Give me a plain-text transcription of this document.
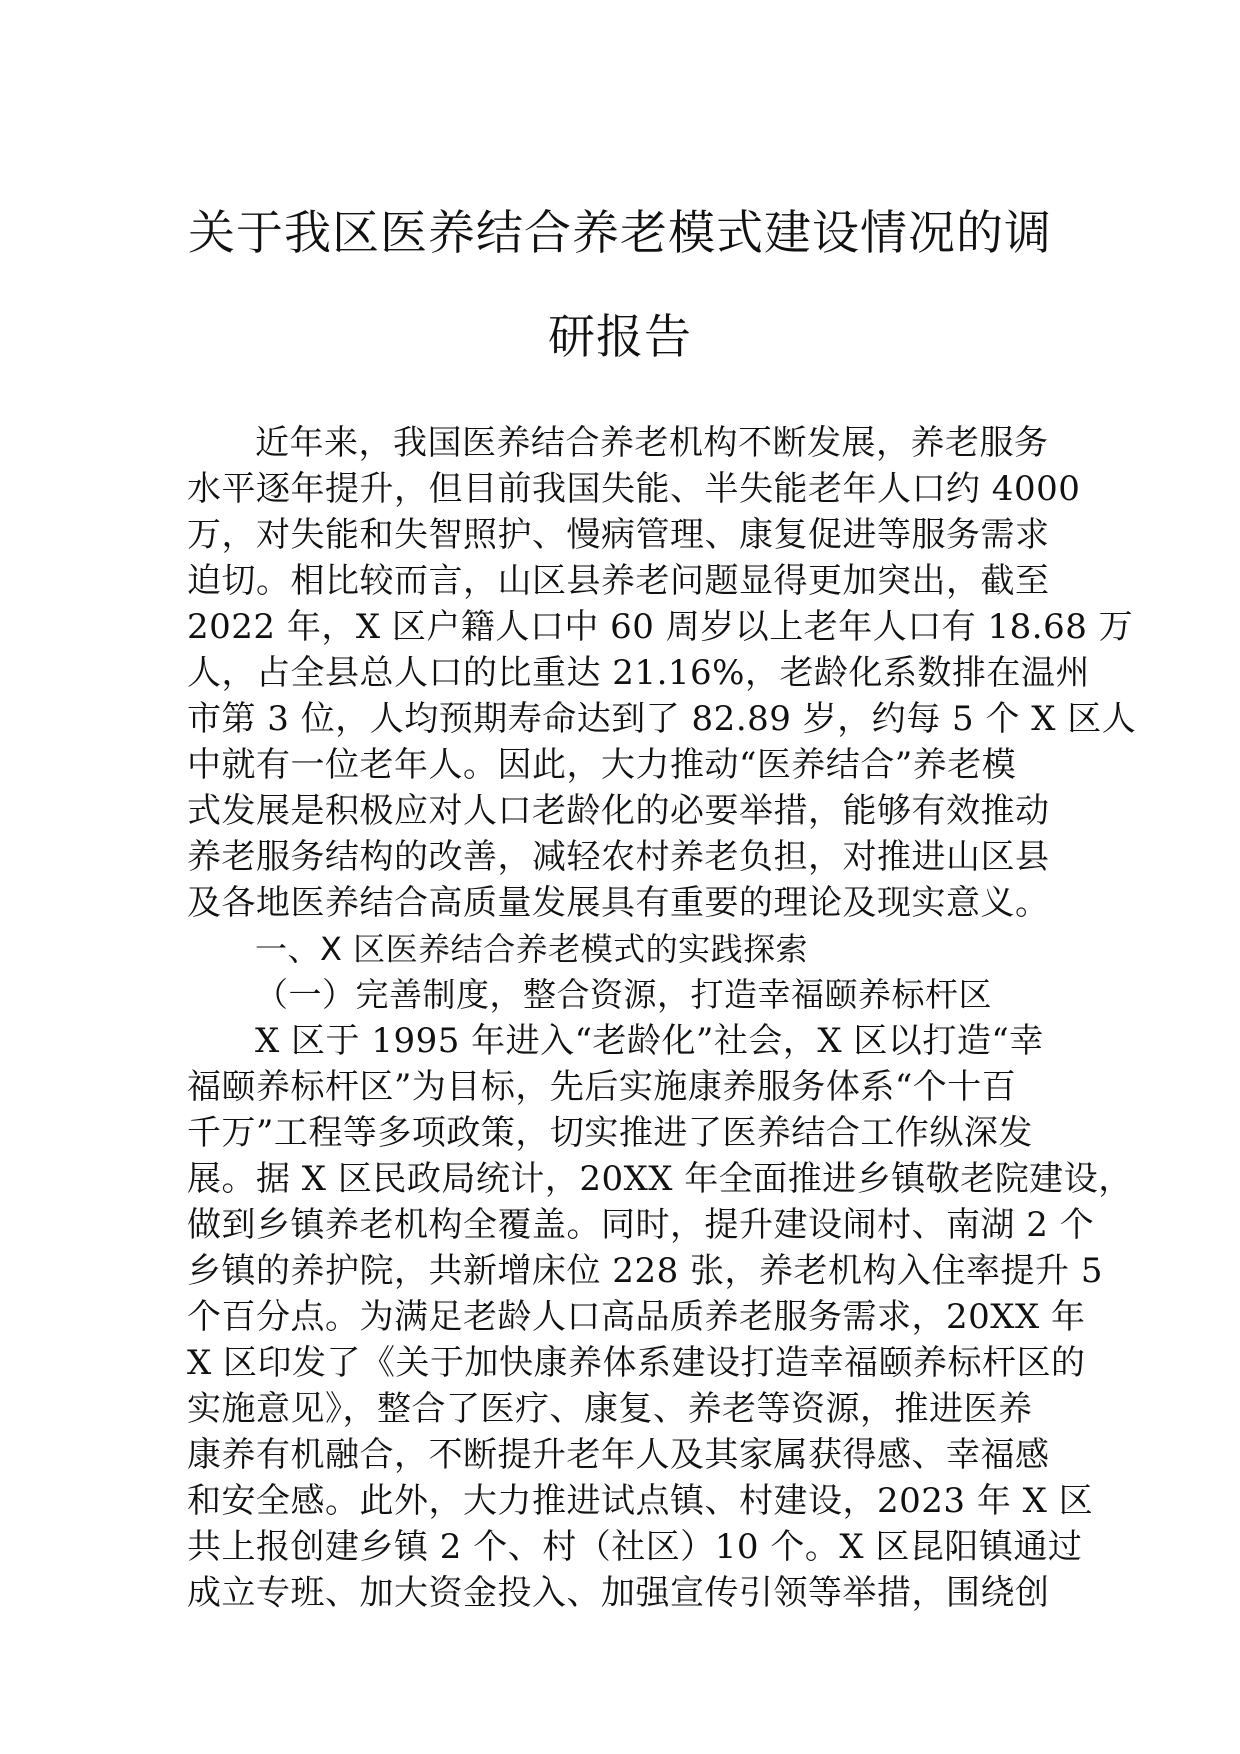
关于我区医养结合养老模式建设情况的调
研报告
近年来，我国医养结合养老机构不断发展，养老服务
水平逐年提升，但目前我国失能、半失能老年人口约 4000
万，对失能和失智照护、慢病管理、康复促进等服务需求
迫切。相比较而言，山区县养老问题显得更加突出，截至
2022 年，X 区户籍人口中 60 周岁以上老年人口有 18.68 万
人，占全县总人口的比重达 21.16%，老龄化系数排在温州
市第 3 位，人均预期寿命达到了 82.89 岁，约每 5 个 X 区人
中就有一位老年人。因此，大力推动“医养结合”养老模
式发展是积极应对人口老龄化的必要举措，能够有效推动
养老服务结构的改善，减轻农村养老负担，对推进山区县
及各地医养结合高质量发展具有重要的理论及现实意义。
一、X 区医养结合养老模式的实践探索
（一）完善制度，整合资源，打造幸福颐养标杆区
X 区于 1995 年进入“老龄化”社会，X 区以打造“幸
福颐养标杆区”为目标，先后实施康养服务体系“个十百
千万”工程等多项政策，切实推进了医养结合工作纵深发
展。据 X 区民政局统计，20XX 年全面推进乡镇敬老院建设，
做到乡镇养老机构全覆盖。同时，提升建设闹村、南湖 2 个
乡镇的养护院，共新增床位 228 张，养老机构入住率提升 5
个百分点。为满足老龄人口高品质养老服务需求，20XX 年
X 区印发了《关于加快康养体系建设打造幸福颐养标杆区的
实施意见》，整合了医疗、康复、养老等资源，推进医养
康养有机融合，不断提升老年人及其家属获得感、幸福感
和安全感。此外，大力推进试点镇、村建设，2023 年 X 区
共上报创建乡镇 2 个、村（社区）10 个。X 区昆阳镇通过
成立专班、加大资金投入、加强宣传引领等举措，围绕创
